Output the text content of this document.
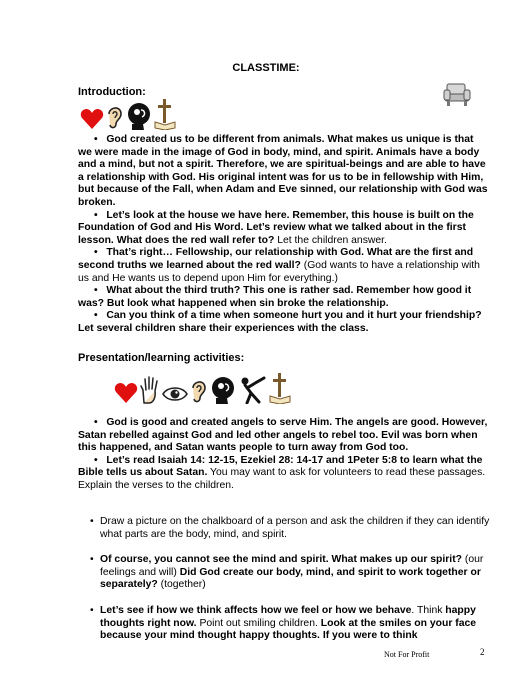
CLASSTIME:
Introduction:
•   God created us to be different from animals. What makes us unique is that we were made in the image of God in body, mind, and spirit. Animals have a body and a mind, but not a spirit. Therefore, we are spiritual-beings and are able to have a relationship with God. His original intent was for us to be in fellowship with Him, but because of the Fall, when Adam and Eve sinned, our relationship with God was broken.
•   Let’s look at the house we have here. Remember, this house is built on the Foundation of God and His Word. Let’s review what we talked about in the first lesson. What does the red wall refer to? Let the children answer.
•   That’s right… Fellowship, our relationship with God. What are the first and second truths we learned about the red wall? (God wants to have a relationship with us and He wants us to depend upon Him for everything.)
•   What about the third truth? This one is rather sad. Remember how good it was? But look what happened when sin broke the relationship.
•   Can you think of a time when someone hurt you and it hurt your friendship? Let several children share their experiences with the class.
Presentation/learning activities:
•   God is good and created angels to serve Him. The angels are good. However, Satan rebelled against God and led other angels to rebel too. Evil was born when this happened, and Satan wants people to turn away from God too.
•   Let’s read Isaiah 14: 12-15, Ezekiel 28: 14-17 and 1Peter 5:8 to learn what the Bible tells us about Satan. You may want to ask for volunteers to read these passages. Explain the verses to the children.
• Draw a picture on the chalkboard of a person and ask the children if they can identify what parts are the body, mind, and spirit.
• Of course, you cannot see the mind and spirit. What makes up our spirit? (our feelings and will) Did God create our body, mind, and spirit to work together or separately? (together)
• Let’s see if how we think affects how we feel or how we behave. Think happy thoughts right now. Point out smiling children. Look at the smiles on your face because your mind thought happy thoughts. If you were to think
Not For Profit	2
